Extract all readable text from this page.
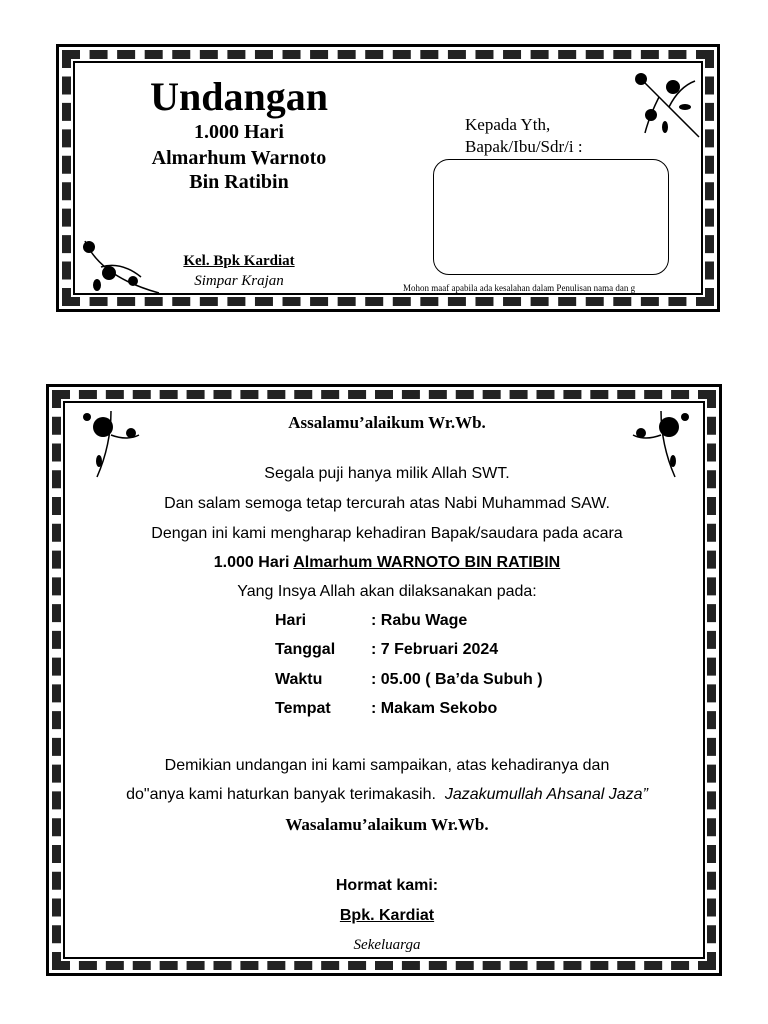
Undangan
1.000 Hari
Almarhum Warnoto
Bin Ratibin
Kel. Bpk Kardiat
Simpar Krajan
Kepada Yth,
Bapak/Ibu/Sdr/i :
Mohon maaf apabila ada kesalahan dalam Penulisan nama dan g
Assalamu’alaikum Wr.Wb.
Segala puji hanya milik Allah SWT.
Dan salam semoga tetap tercurah atas Nabi Muhammad SAW.
Dengan ini kami mengharap kehadiran Bapak/saudara pada acara
1.000 Hari Almarhum WARNOTO BIN RATIBIN
Yang Insya Allah akan dilaksanakan pada:
Hari	: Rabu Wage
Tanggal : 7 Februari 2024
Waktu	: 05.00 ( Ba’da Subuh )
Tempat	: Makam Sekobo
Demikian undangan ini kami sampaikan, atas kehadiranya dan
do"anya kami haturkan banyak terimakasih. Jazakumullah Ahsanal Jaza”
Wasalamu’alaikum Wr.Wb.
Hormat kami:
Bpk. Kardiat
Sekeluarga
